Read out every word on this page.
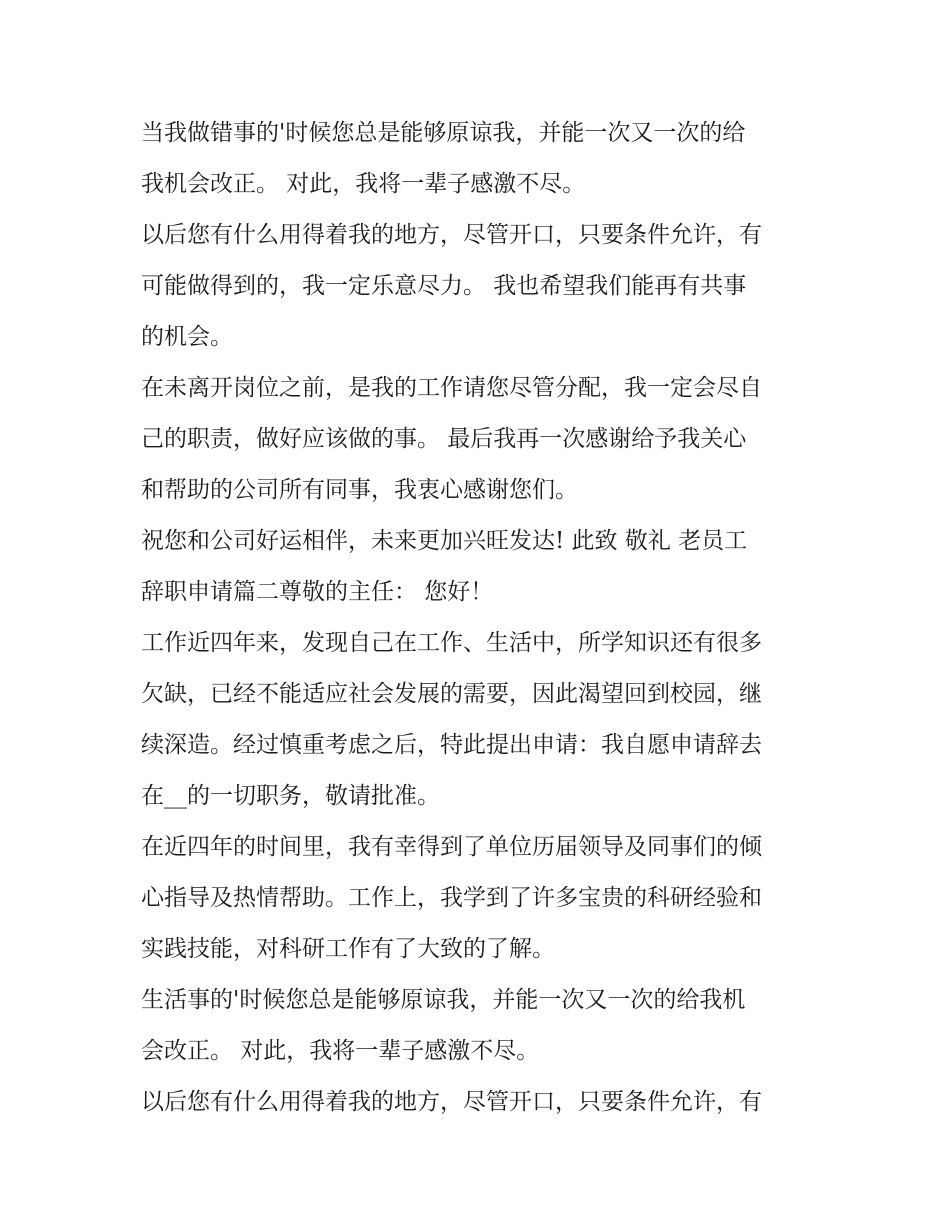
当我做错事的'时候您总是能够原谅我，并能一次又一次的给
我机会改正。 对此，我将一辈子感激不尽。
以后您有什么用得着我的地方，尽管开口，只要条件允许，有
可能做得到的，我一定乐意尽力。 我也希望我们能再有共事
的机会。
在未离开岗位之前，是我的工作请您尽管分配，我一定会尽自
己的职责，做好应该做的事。 最后我再一次感谢给予我关心
和帮助的公司所有同事，我衷心感谢您们。
祝您和公司好运相伴，未来更加兴旺发达! 此致 敬礼 老员工
辞职申请篇二尊敬的主任： 您好！
工作近四年来，发现自己在工作、生活中，所学知识还有很多
欠缺，已经不能适应社会发展的需要，因此渴望回到校园，继
续深造。经过慎重考虑之后，特此提出申请：我自愿申请辞去
在__的一切职务，敬请批准。
在近四年的时间里，我有幸得到了单位历届领导及同事们的倾
心指导及热情帮助。工作上，我学到了许多宝贵的科研经验和
实践技能，对科研工作有了大致的了解。
生活事的'时候您总是能够原谅我，并能一次又一次的给我机
会改正。 对此，我将一辈子感激不尽。
以后您有什么用得着我的地方，尽管开口，只要条件允许，有
